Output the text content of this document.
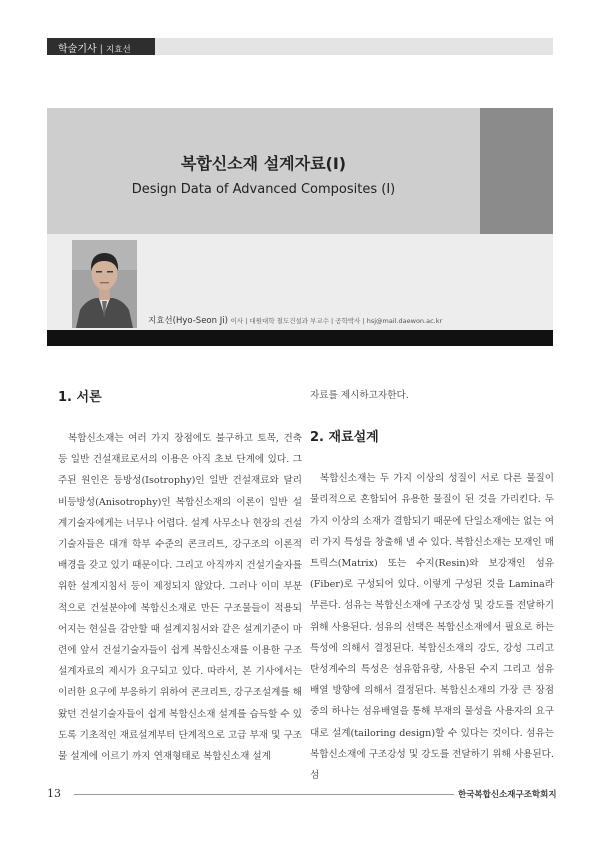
학술기사 | 지효선
복합신소재 설계자료(Ⅰ)
Design Data of Advanced Composites (Ⅰ)
지효선(Hyo-Seon Ji) 이사 | 대원대학 철도건설과 부교수 | 공학박사 | hsj@mail.daewon.ac.kr
1. 서론

복합신소재는 여러 가지 장점에도 불구하고 토목, 건축 등 일반 건설재료로서의 이용은 아직 초보 단계에 있다. 그 주된 원인은 등방성(Isotrophy)인 일반 건설재료와 달리 비등방성(Anisotrophy)인 복합신소재의 이론이 일반 설계기술자에게는 너무나 어렵다. 설계 사무소나 현장의 건설 기술자들은 대개 학부 수준의 콘크리트, 강구조의 이론적 배경을 갖고 있기 때문이다. 그리고 아직까지 건설기술자를 위한 설계지침서 등이 제정되지 않았다. 그러나 이미 부분적으로 건설분야에 복합신소재로 만든 구조물들이 적용되어지는 현실을 감안할 때 설계지침서와 같은 설계기준이 마련에 앞서 건설기술자들이 쉽게 복합신소재를 이용한 구조 설계자료의 제시가 요구되고 있다. 따라서, 본 기사에서는 이러한 요구에 부응하기 위하여 콘크리트, 강구조설계를 해왔던 건설기술자들이 쉽게 복합신소재 설계를 습득할 수 있도록 기초적인 재료설계부터 단계적으로 고급 부재 및 구조물 설계에 이르기 까지 연재형태로 복합신소재 설계

자료를 제시하고자한다.

2. 재료설계

복합신소재는 두 가지 이상의 성질이 서로 다른 물질이 물리적으로 혼합되어 유용한 물질이 된 것을 가리킨다. 두 가지 이상의 소재가 결합되기 때문에 단일소재에는 없는 여러 가지 특성을 창출해 낼 수 있다. 복합신소재는 모재인 매트릭스(Matrix) 또는 수지(Resin)와 보강재인 섬유(Fiber)로 구성되어 있다. 이렇게 구성된 것을 Lamina라 부른다. 섬유는 복합신소재에 구조강성 및 강도를 전달하기 위해 사용된다. 섬유의 선택은 복합신소재에서 필요로 하는 특성에 의해서 결정된다. 복합신소재의 강도, 강성 그리고 탄성계수의 특성은 섬유함유량, 사용된 수지 그리고 섬유 배열 방향에 의해서 결정된다. 복합신소재의 가장 큰 장점중의 하나는 섬유배열을 통해 부재의 물성을 사용자의 요구대로 설계(tailoring design)할 수 있다는 것이다. 섬유는 복합신소재에 구조강성 및 강도를 전달하기 위해 사용된다. 섬

13	한국복합신소재구조학회지
